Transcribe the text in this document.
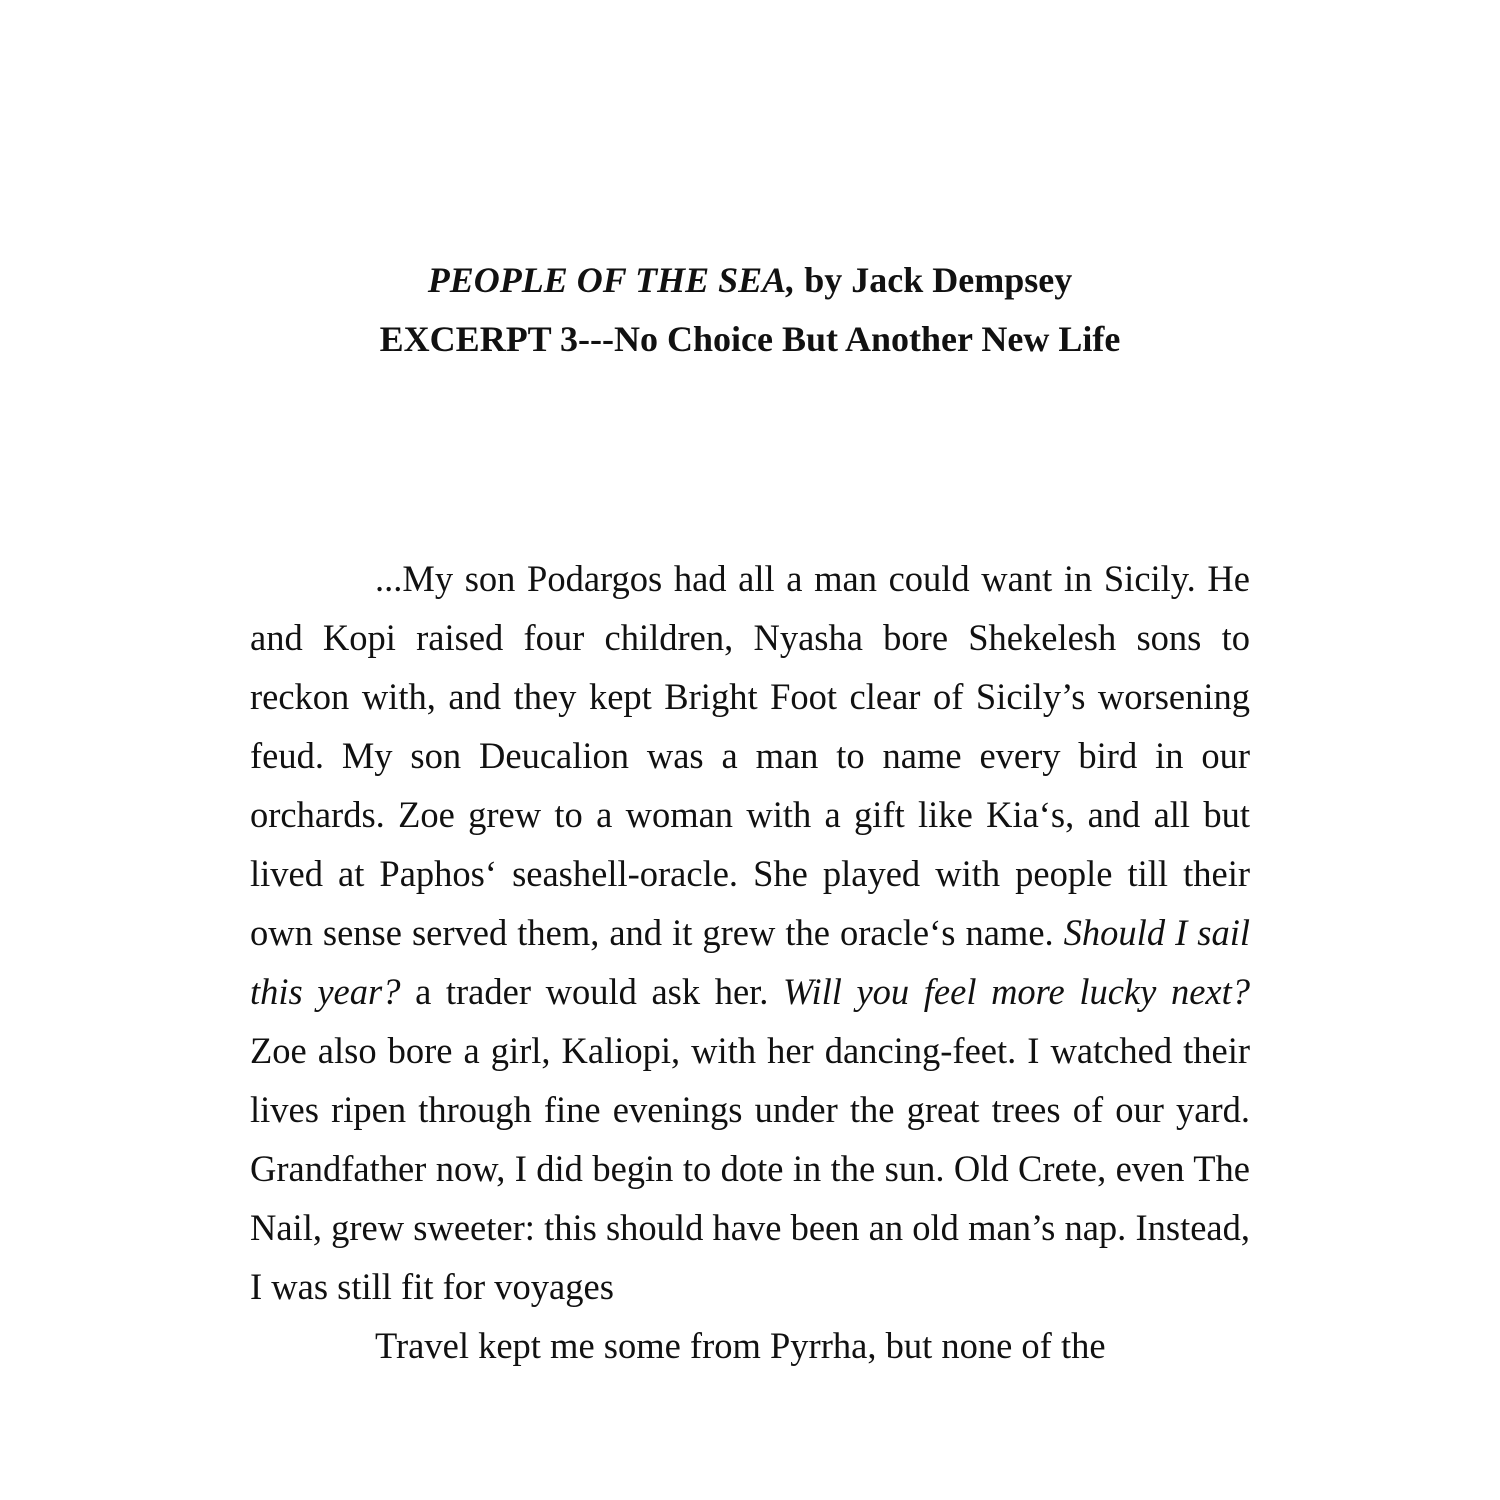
PEOPLE OF THE SEA, by Jack Dempsey
EXCERPT 3---No Choice But Another New Life

...My son Podargos had all a man could want in Sicily. He and Kopi raised four children, Nyasha bore Shekelesh sons to reckon with, and they kept Bright Foot clear of Sicily’s worsening feud. My son Deucalion was a man to name every bird in our orchards. Zoe grew to a woman with a gift like Kia‘s, and all but lived at Paphos‘ seashell-oracle. She played with people till their own sense served them, and it grew the oracle‘s name. Should I sail this year? a trader would ask her. Will you feel more lucky next? Zoe also bore a girl, Kaliopi, with her dancing-feet. I watched their lives ripen through fine evenings under the great trees of our yard. Grandfather now, I did begin to dote in the sun. Old Crete, even The Nail, grew sweeter: this should have been an old man’s nap. Instead, I was still fit for voyages

Travel kept me some from Pyrrha, but none of the
